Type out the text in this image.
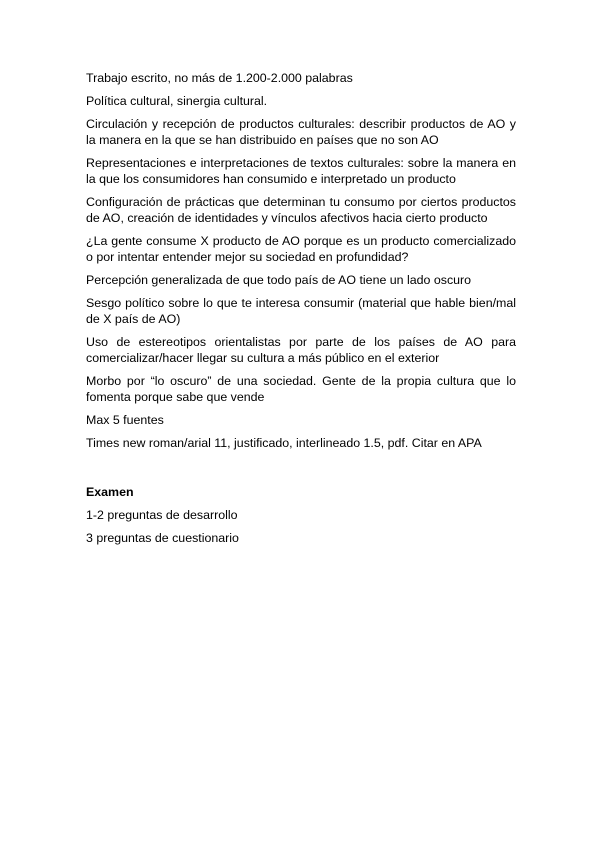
Trabajo escrito, no más de 1.200-2.000 palabras

Política cultural, sinergia cultural.

Circulación y recepción de productos culturales: describir productos de AO y la manera en la que se han distribuido en países que no son AO

Representaciones e interpretaciones de textos culturales: sobre la manera en la que los consumidores han consumido e interpretado un producto

Configuración de prácticas que determinan tu consumo por ciertos productos de AO, creación de identidades y vínculos afectivos hacia cierto producto

¿La gente consume X producto de AO porque es un producto comercializado o por intentar entender mejor su sociedad en profundidad?

Percepción generalizada de que todo país de AO tiene un lado oscuro

Sesgo político sobre lo que te interesa consumir (material que hable bien/mal de X país de AO)

Uso de estereotipos orientalistas por parte de los países de AO para comercializar/hacer llegar su cultura a más público en el exterior

Morbo por “lo oscuro” de una sociedad. Gente de la propia cultura que lo fomenta porque sabe que vende

Max 5 fuentes

Times new roman/arial 11, justificado, interlineado 1.5, pdf. Citar en APA

Examen

1-2 preguntas de desarrollo

3 preguntas de cuestionario
